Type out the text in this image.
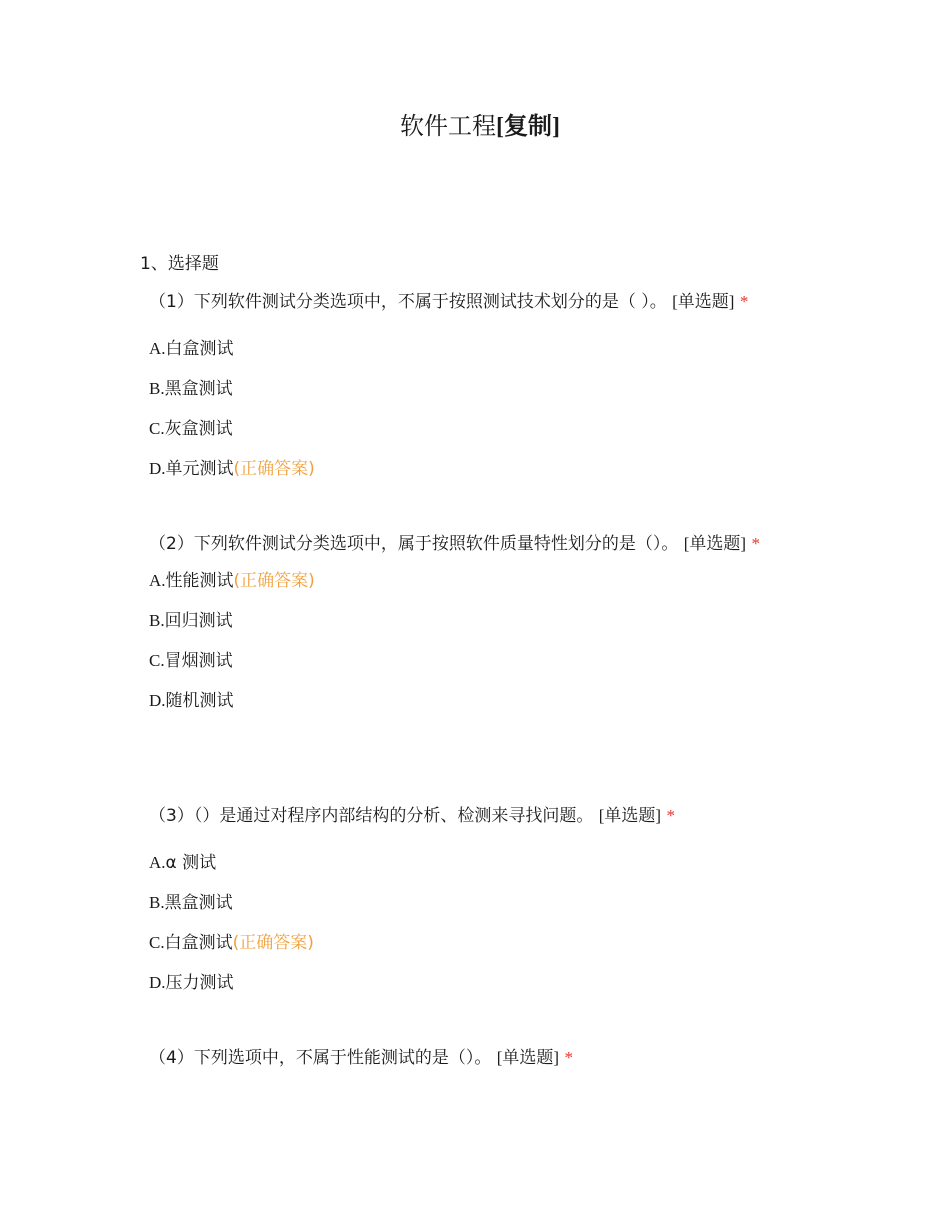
软件工程[复制]
1、选择题

（1）下列软件测试分类选项中，不属于按照测试技术划分的是（ ）。 [单选题] *

A.白盒测试
B.黑盒测试
C.灰盒测试
D.单元测试(正确答案)

（2）下列软件测试分类选项中，属于按照软件质量特性划分的是（）。 [单选题] *

A.性能测试(正确答案)
B.回归测试
C.冒烟测试
D.随机测试

（3）（）是通过对程序内部结构的分析、检测来寻找问题。 [单选题] *

A.α 测试
B.黑盒测试
C.白盒测试(正确答案)
D.压力测试

（4）下列选项中，不属于性能测试的是（）。 [单选题] *
